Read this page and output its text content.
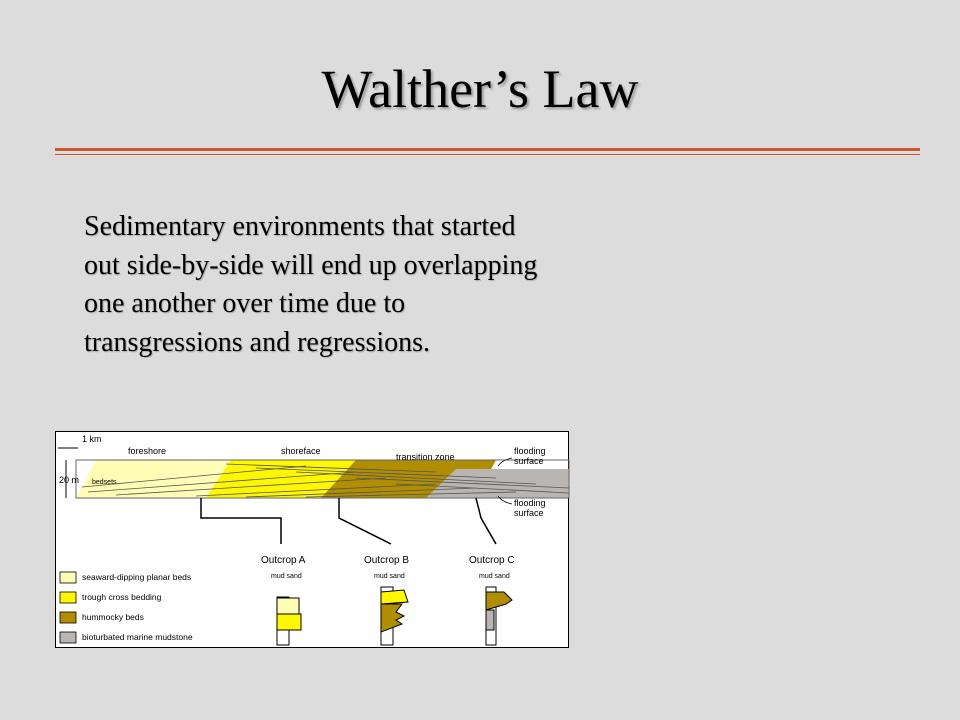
Walther’s Law
Sedimentary environments that started out side-by-side will end up overlapping one another over time due to transgressions and regressions.
1 km
20 m
foreshore	shoreface
transition zone
bedsets
flooding
surface
flooding
surface
Outcrop A
mud sand
Outcrop B
mud sand
Outcrop C
mud sand
seaward-dipping planar beds
trough cross bedding
hummocky beds
bioturbated marine mudstone
